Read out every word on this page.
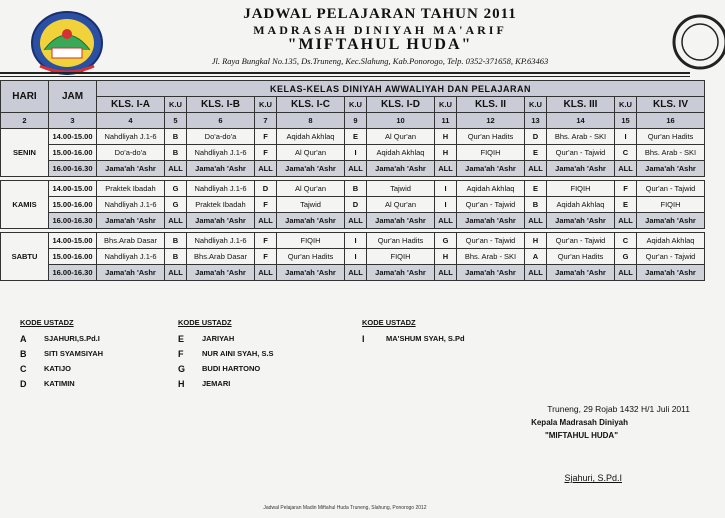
JADWAL PELAJARAN TAHUN 2011
MADRASAH DINIYAH MA'ARIF
"MIFTAHUL HUDA"
Jl. Raya Bungkal No.135, Ds.Truneng, Kec.Slahung, Kab.Ponorogo, Telp. 0352-371658, KP.63463
HARI	JAM	KELAS-KELAS DINIYAH AWWALIYAH DAN PELAJARAN												
		KLS. I-A	K.U	KLS. I-B	K.U	KLS. I-C	K.U	KLS. I-D	K.U	KLS. II	K.U	KLS. III	K.U	KLS. IV
2	3	4	5	6	7	8	9	10	11	12	13	14	15	16
SENIN	14.00-15.00	Nahdliyah J.1-6	B	Do'a-do'a	F	Aqidah Akhlaq	E	Al Qur'an	H	Qur'an Hadits	D	Bhs. Arab - SKI	I	Qur'an Hadits
	15.00-16.00	Do'a-do'a	B	Nahdliyah J.1-6	F	Al Qur'an	I	Aqidah Akhlaq	H	FIQIH	E	Qur'an - Tajwid	C	Bhs. Arab - SKI
	16.00-16.30	Jama'ah 'Ashr	ALL	Jama'ah 'Ashr	ALL	Jama'ah 'Ashr	ALL	Jama'ah 'Ashr	ALL	Jama'ah 'Ashr	ALL	Jama'ah 'Ashr	ALL	Jama'ah 'Ashr

KAMIS	14.00-15.00	Praktek Ibadah	G	Nahdliyah J.1-6	D	Al Qur'an	B	Tajwid	I	Aqidah Akhlaq	E	FIQIH	F	Qur'an - Tajwid
	15.00-16.00	Nahdliyah J.1-6	G	Praktek Ibadah	F	Tajwid	D	Al Qur'an	I	Qur'an - Tajwid	B	Aqidah Akhlaq	E	FIQIH
	16.00-16.30	Jama'ah 'Ashr	ALL	Jama'ah 'Ashr	ALL	Jama'ah 'Ashr	ALL	Jama'ah 'Ashr	ALL	Jama'ah 'Ashr	ALL	Jama'ah 'Ashr	ALL	Jama'ah 'Ashr

SABTU	14.00-15.00	Bhs.Arab Dasar	B	Nahdliyah J.1-6	F	FIQIH	I	Qur'an Hadits	G	Qur'an - Tajwid	H	Qur'an - Tajwid	C	Aqidah Akhlaq
	15.00-16.00	Nahdliyah J.1-6	B	Bhs.Arab Dasar	F	Qur'an Hadits	I	FIQIH	H	Bhs. Arab - SKI	A	Qur'an Hadits	G	Qur'an - Tajwid
	16.00-16.30	Jama'ah 'Ashr	ALL	Jama'ah 'Ashr	ALL	Jama'ah 'Ashr	ALL	Jama'ah 'Ashr	ALL	Jama'ah 'Ashr	ALL	Jama'ah 'Ashr	ALL	Jama'ah 'Ashr
KODE USTADZ
A	SJAHURI,S.Pd.I
B	SITI SYAMSIYAH
C	KATIJO
D	KATIMIN
KODE USTADZ
E	JARIYAH
F	NUR AINI SYAH, S.S
G	BUDI HARTONO
H	JEMARI
KODE USTADZ
I	MA'SHUM SYAH, S.Pd
Truneng, 29 Rojab 1432 H/1 Juli 2011
Kepala Madrasah Diniyah
"MIFTAHUL HUDA"
Sjahuri, S.Pd.I
Jadwal Pelajaran Madin Miftahul Huda Truneng, Slahung, Ponorogo 2012
